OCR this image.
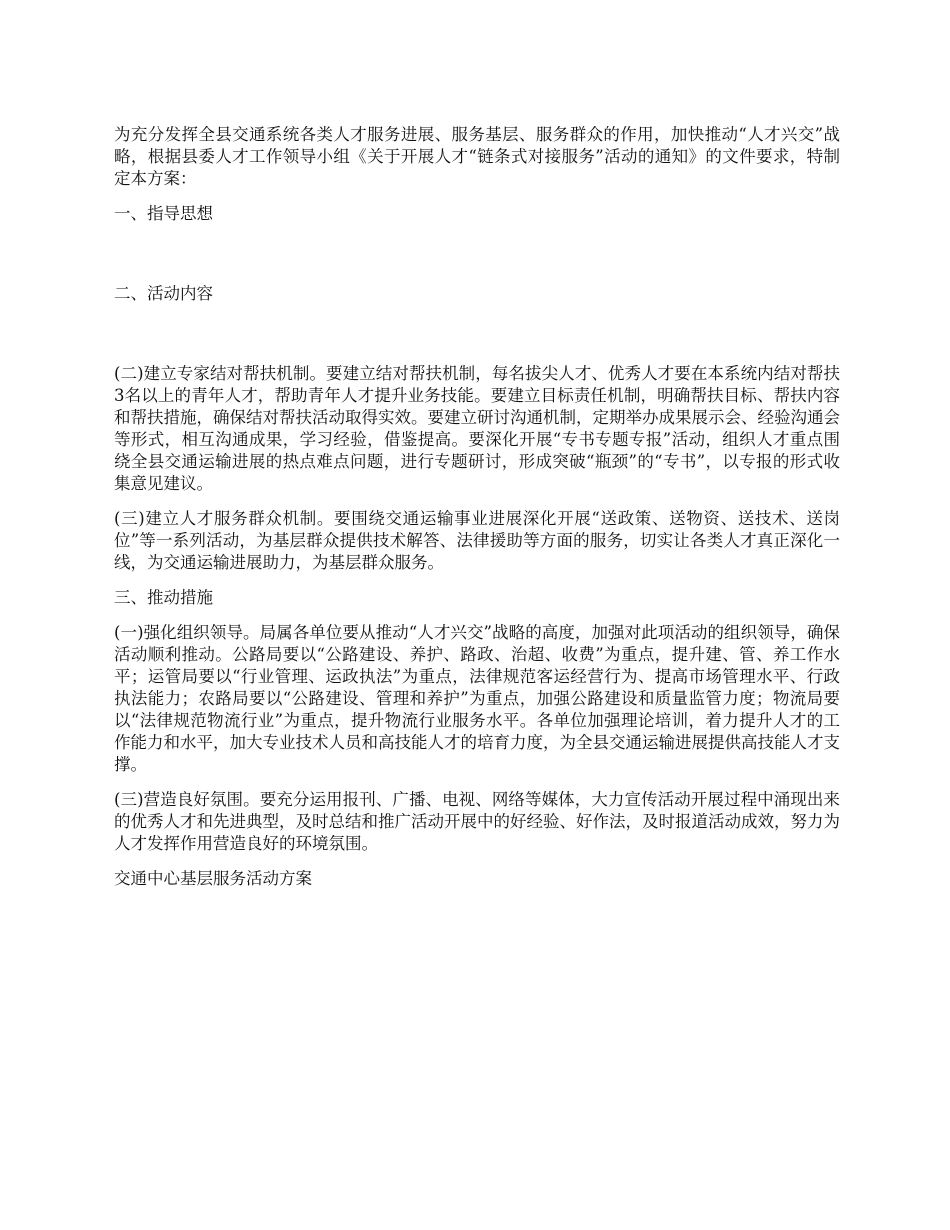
为充分发挥全县交通系统各类人才服务进展、服务基层、服务群众的作用，加快推动“人才兴交”战略，根据县委人才工作领导小组《关于开展人才“链条式对接服务”活动的通知》的文件要求，特制定本方案：

一、指导思想

二、活动内容

(二)建立专家结对帮扶机制。要建立结对帮扶机制，每名拔尖人才、优秀人才要在本系统内结对帮扶3名以上的青年人才，帮助青年人才提升业务技能。要建立目标责任机制，明确帮扶目标、帮扶内容和帮扶措施，确保结对帮扶活动取得实效。要建立研讨沟通机制，定期举办成果展示会、经验沟通会等形式，相互沟通成果，学习经验，借鉴提高。要深化开展“专书专题专报”活动，组织人才重点围绕全县交通运输进展的热点难点问题，进行专题研讨，形成突破“瓶颈”的“专书”，以专报的形式收集意见建议。

(三)建立人才服务群众机制。要围绕交通运输事业进展深化开展“送政策、送物资、送技术、送岗位”等一系列活动，为基层群众提供技术解答、法律援助等方面的服务，切实让各类人才真正深化一线，为交通运输进展助力，为基层群众服务。

三、推动措施

(一)强化组织领导。局属各单位要从推动“人才兴交”战略的高度，加强对此项活动的组织领导，确保活动顺利推动。公路局要以“公路建设、养护、路政、治超、收费”为重点，提升建、管、养工作水平；运管局要以“行业管理、运政执法”为重点，法律规范客运经营行为、提高市场管理水平、行政执法能力；农路局要以“公路建设、管理和养护”为重点，加强公路建设和质量监管力度；物流局要以“法律规范物流行业”为重点，提升物流行业服务水平。各单位加强理论培训，着力提升人才的工作能力和水平，加大专业技术人员和高技能人才的培育力度，为全县交通运输进展提供高技能人才支撑。

(三)营造良好氛围。要充分运用报刊、广播、电视、网络等媒体，大力宣传活动开展过程中涌现出来的优秀人才和先进典型，及时总结和推广活动开展中的好经验、好作法，及时报道活动成效，努力为人才发挥作用营造良好的环境氛围。

交通中心基层服务活动方案
